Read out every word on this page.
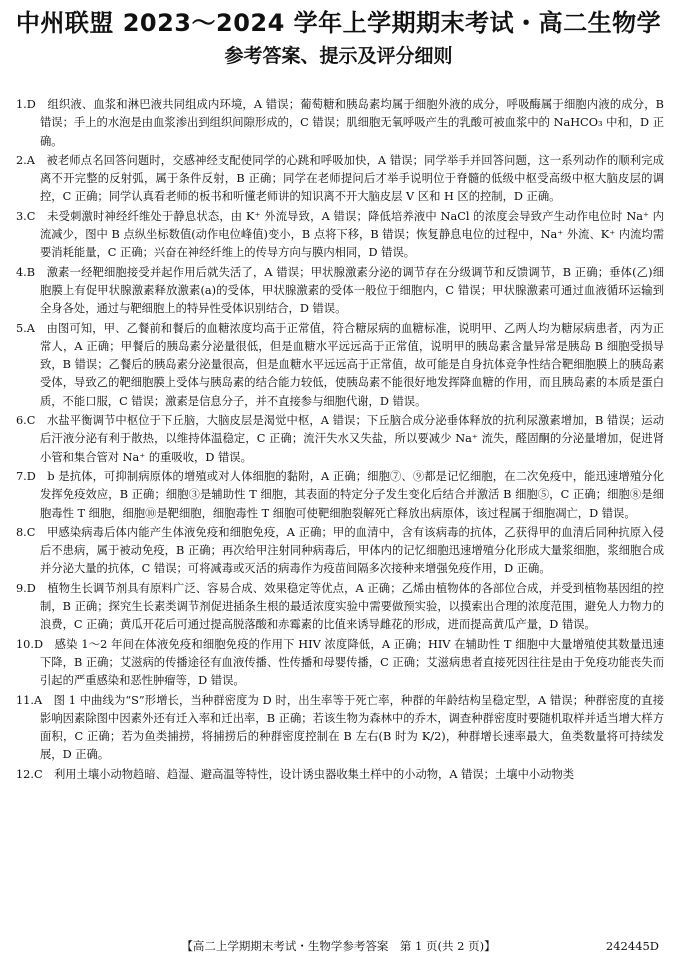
中州联盟 2023～2024 学年上学期期末考试・高二生物学
参考答案、提示及评分细则

1.D　 组织液、血浆和淋巴液共同组成内环境，A 错误；葡萄糖和胰岛素均属于细胞外液的成分，呼吸酶属于细胞内液的成分，B 错误；手上的水泡是由血浆渗出到组织间隙形成的，C 错误；肌细胞无氧呼吸产生的乳酸可被血浆中的 NaHCO₃ 中和，D 正确。

2.A　 被老师点名回答问题时，交感神经支配使同学的心跳和呼吸加快，A 错误；同学举手并回答问题，这一系列动作的顺利完成离不开完整的反射弧，属于条件反射，B 正确；同学在老师提问后才举手说明位于脊髓的低级中枢受高级中枢大脑皮层的调控，C 正确；同学认真看老师的板书和听懂老师讲的知识离不开大脑皮层 V 区和 H 区的控制，D 正确。

3.C　 未受刺激时神经纤维处于静息状态，由 K⁺ 外流导致，A 错误；降低培养液中 NaCl 的浓度会导致产生动作电位时 Na⁺ 内流减少，图中 B 点纵坐标数值(动作电位峰值)变小，B 点将下移，B 错误；恢复静息电位的过程中，Na⁺ 外流、K⁺ 内流均需要消耗能量，C 正确；兴奋在神经纤维上的传导方向与膜内相同，D 错误。

4.B　 激素一经靶细胞接受并起作用后就失活了，A 错误；甲状腺激素分泌的调节存在分级调节和反馈调节，B 正确；垂体(乙)细胞膜上有促甲状腺激素释放激素(a)的受体，甲状腺激素的受体一般位于细胞内，C 错误；甲状腺激素可通过血液循环运输到全身各处，通过与靶细胞上的特异性受体识别结合，D 错误。

5.A　 由图可知，甲、乙餐前和餐后的血糖浓度均高于正常值，符合糖尿病的血糖标准，说明甲、乙两人均为糖尿病患者，丙为正常人，A 正确；甲餐后的胰岛素分泌量很低，但是血糖水平远远高于正常值，说明甲的胰岛素含量异常是胰岛 B 细胞受损导致，B 错误；乙餐后的胰岛素分泌量很高，但是血糖水平远远高于正常值，故可能是自身抗体竞争性结合靶细胞膜上的胰岛素受体，导致乙的靶细胞膜上受体与胰岛素的结合能力较低，使胰岛素不能很好地发挥降血糖的作用，而且胰岛素的本质是蛋白质，不能口服，C 错误；激素是信息分子，并不直接参与细胞代谢，D 错误。

6.C　 水盐平衡调节中枢位于下丘脑，大脑皮层是渴觉中枢，A 错误；下丘脑合成分泌垂体释放的抗利尿激素增加，B 错误；运动后汗液分泌有利于散热，以维持体温稳定，C 正确；流汗失水又失盐，所以要减少 Na⁺ 流失，醛固酮的分泌量增加，促进肾小管和集合管对 Na⁺ 的重吸收，D 错误。

7.D　 b 是抗体，可抑制病原体的增殖或对人体细胞的黏附，A 正确；细胞⑦、⑨都是记忆细胞，在二次免疫中，能迅速增殖分化发挥免疫效应，B 正确；细胞③是辅助性 T 细胞，其表面的特定分子发生变化后结合并激活 B 细胞⑤，C 正确；细胞⑧是细胞毒性 T 细胞，细胞⑩是靶细胞，细胞毒性 T 细胞可使靶细胞裂解死亡释放出病原体，该过程属于细胞凋亡，D 错误。

8.C　 甲感染病毒后体内能产生体液免疫和细胞免疫，A 正确；甲的血清中，含有该病毒的抗体，乙获得甲的血清后同种抗原入侵后不患病，属于被动免疫，B 正确；再次给甲注射同种病毒后，甲体内的记忆细胞迅速增殖分化形成大量浆细胞，浆细胞合成并分泌大量的抗体，C 错误；可将减毒或灭活的病毒作为疫苗间隔多次接种来增强免疫作用，D 正确。

9.D　 植物生长调节剂具有原料广泛、容易合成、效果稳定等优点，A 正确；乙烯由植物体的各部位合成，并受到植物基因组的控制，B 正确；探究生长素类调节剂促进插条生根的最适浓度实验中需要做预实验，以摸索出合理的浓度范围，避免人力物力的浪费，C 正确；黄瓜开花后可通过提高脱落酸和赤霉素的比值来诱导雌花的形成，进而提高黄瓜产量，D 错误。

10.D　 感染 1～2 年间在体液免疫和细胞免疫的作用下 HIV 浓度降低，A 正确；HIV 在辅助性 T 细胞中大量增殖使其数量迅速下降，B 正确；艾滋病的传播途径有血液传播、性传播和母婴传播，C 正确；艾滋病患者直接死因往往是由于免疫功能丧失而引起的严重感染和恶性肿瘤等，D 错误。

11.A　 图 1 中曲线为“S”形增长，当种群密度为 D 时，出生率等于死亡率，种群的年龄结构呈稳定型，A 错误；种群密度的直接影响因素除图中因素外还有迁入率和迁出率，B 正确；若该生物为森林中的乔木，调查种群密度时要随机取样并适当增大样方面积，C 正确；若为鱼类捕捞，将捕捞后的种群密度控制在 B 左右(B 时为 K/2)，种群增长速率最大，鱼类数量将可持续发展，D 正确。

12.C　 利用土壤小动物趋暗、趋湿、避高温等特性，设计诱虫器收集土样中的小动物，A 错误；土壤中小动物类

【高二上学期期末考试・生物学参考答案　第 1 页(共 2 页)】	242445D
